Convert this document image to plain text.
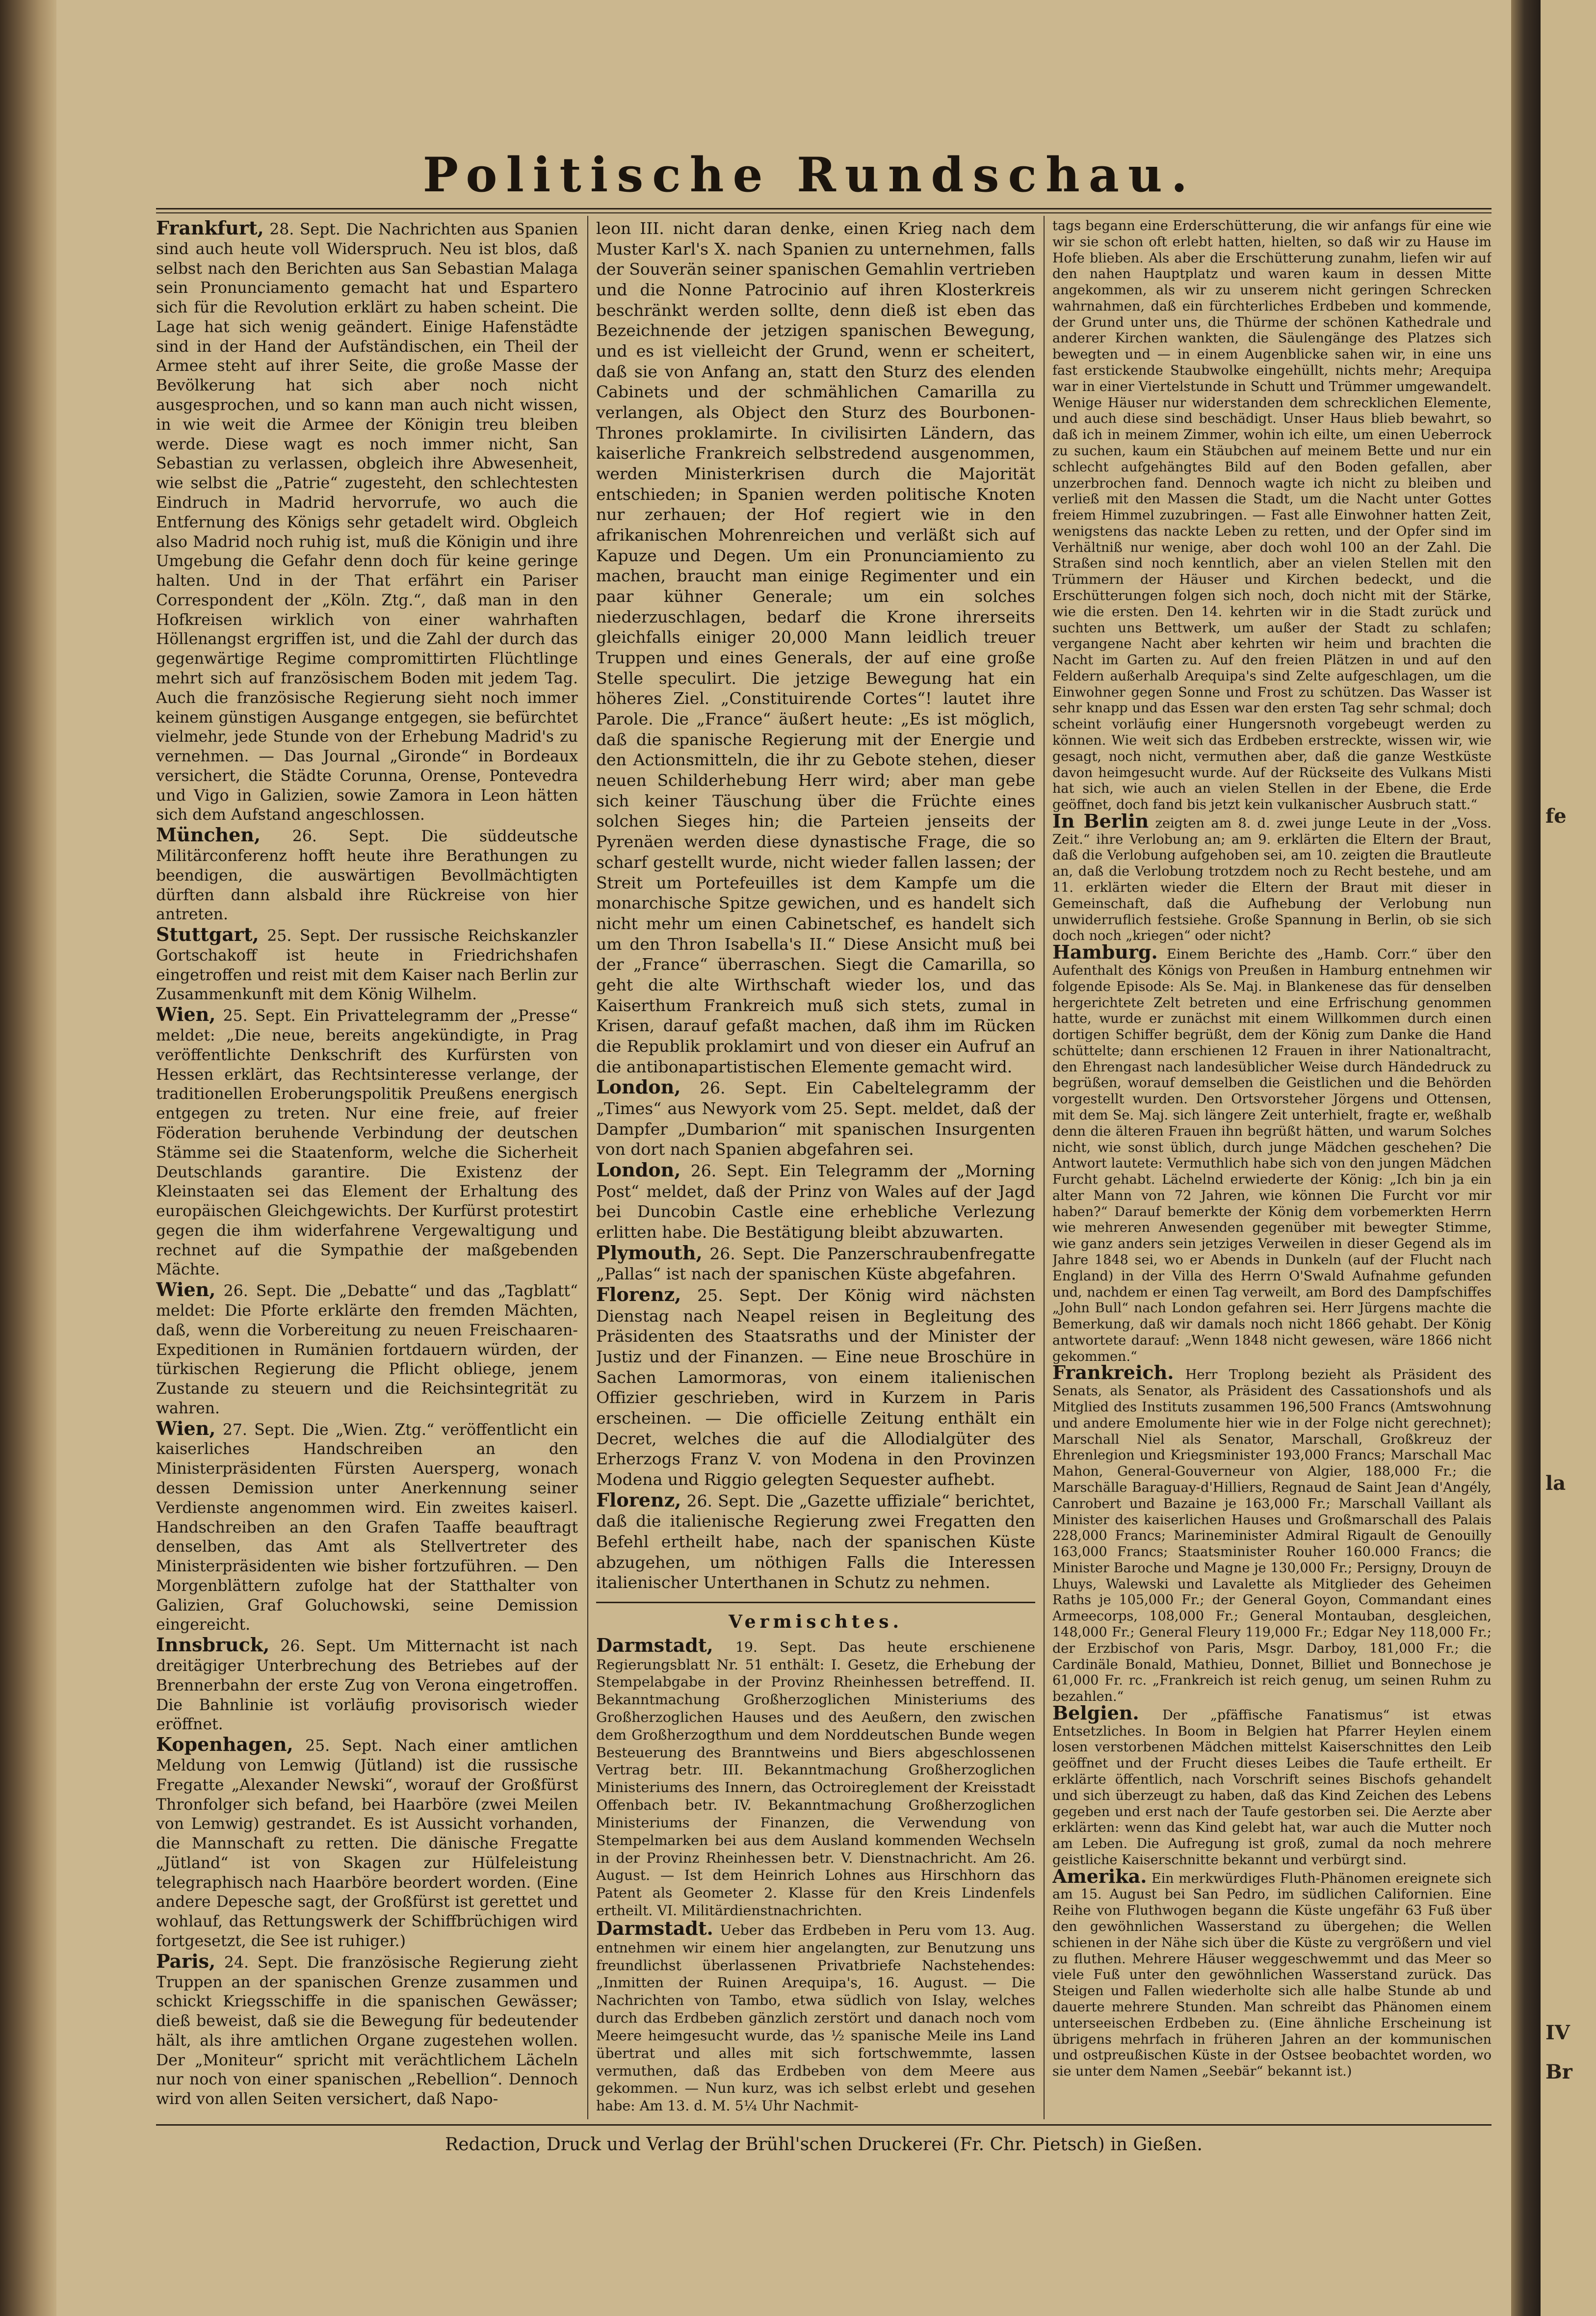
Politische Rundschau.

Frankfurt, 28. Sept. Die Nachrichten aus Spanien sind auch heute voll Widerspruch. Neu ist blos, daß selbst nach den Berichten aus San Sebastian Malaga sein Pronunciamento gemacht hat und Espartero sich für die Revolution erklärt zu haben scheint. Die Lage hat sich wenig geändert. Einige Hafenstädte sind in der Hand der Aufständischen, ein Theil der Armee steht auf ihrer Seite, die große Masse der Bevölkerung hat sich aber noch nicht ausgesprochen, und so kann man auch nicht wissen, in wie weit die Armee der Königin treu bleiben werde. Diese wagt es noch immer nicht, San Sebastian zu verlassen, obgleich ihre Abwesenheit, wie selbst die „Patrie“ zugesteht, den schlechtesten Eindruch in Madrid hervorrufe, wo auch die Entfernung des Königs sehr getadelt wird. Obgleich also Madrid noch ruhig ist, muß die Königin und ihre Umgebung die Gefahr denn doch für keine geringe halten. Und in der That erfährt ein Pariser Correspondent der „Köln. Ztg.“, daß man in den Hofkreisen wirklich von einer wahrhaften Höllenangst ergriffen ist, und die Zahl der durch das gegenwärtige Regime compromittirten Flüchtlinge mehrt sich auf französischem Boden mit jedem Tag. Auch die französische Regierung sieht noch immer keinem günstigen Ausgange entgegen, sie befürchtet vielmehr, jede Stunde von der Erhebung Madrid's zu vernehmen. — Das Journal „Gironde“ in Bordeaux versichert, die Städte Corunna, Orense, Pontevedra und Vigo in Galizien, sowie Zamora in Leon hätten sich dem Aufstand angeschlossen.

München, 26. Sept. Die süddeutsche Militärconferenz hofft heute ihre Berathungen zu beendigen, die auswärtigen Bevollmächtigten dürften dann alsbald ihre Rückreise von hier antreten.

Stuttgart, 25. Sept. Der russische Reichskanzler Gortschakoff ist heute in Friedrichshafen eingetroffen und reist mit dem Kaiser nach Berlin zur Zusammenkunft mit dem König Wilhelm.

Wien, 25. Sept. Ein Privattelegramm der „Presse“ meldet: „Die neue, bereits angekündigte, in Prag veröffentlichte Denkschrift des Kurfürsten von Hessen erklärt, das Rechtsinteresse verlange, der traditionellen Eroberungspolitik Preußens energisch entgegen zu treten. Nur eine freie, auf freier Föderation beruhende Verbindung der deutschen Stämme sei die Staatenform, welche die Sicherheit Deutschlands garantire. Die Existenz der Kleinstaaten sei das Element der Erhaltung des europäischen Gleichgewichts. Der Kurfürst protestirt gegen die ihm widerfahrene Vergewaltigung und rechnet auf die Sympathie der maßgebenden Mächte.

Wien, 26. Sept. Die „Debatte“ und das „Tagblatt“ meldet: Die Pforte erklärte den fremden Mächten, daß, wenn die Vorbereitung zu neuen Freischaaren-Expeditionen in Rumänien fortdauern würden, der türkischen Regierung die Pflicht obliege, jenem Zustande zu steuern und die Reichsintegrität zu wahren.

Wien, 27. Sept. Die „Wien. Ztg.“ veröffentlicht ein kaiserliches Handschreiben an den Ministerpräsidenten Fürsten Auersperg, wonach dessen Demission unter Anerkennung seiner Verdienste angenommen wird. Ein zweites kaiserl. Handschreiben an den Grafen Taaffe beauftragt denselben, das Amt als Stellvertreter des Ministerpräsidenten wie bisher fortzuführen. — Den Morgenblättern zufolge hat der Statthalter von Galizien, Graf Goluchowski, seine Demission eingereicht.

Innsbruck, 26. Sept. Um Mitternacht ist nach dreitägiger Unterbrechung des Betriebes auf der Brennerbahn der erste Zug von Verona eingetroffen. Die Bahnlinie ist vorläufig provisorisch wieder eröffnet.

Kopenhagen, 25. Sept. Nach einer amtlichen Meldung von Lemwig (Jütland) ist die russische Fregatte „Alexander Newski“, worauf der Großfürst Thronfolger sich befand, bei Haarböre (zwei Meilen von Lemwig) gestrandet. Es ist Aussicht vorhanden, die Mannschaft zu retten. Die dänische Fregatte „Jütland“ ist von Skagen zur Hülfeleistung telegraphisch nach Haarböre beordert worden. (Eine andere Depesche sagt, der Großfürst ist gerettet und wohlauf, das Rettungswerk der Schiffbrüchigen wird fortgesetzt, die See ist ruhiger.)

Paris, 24. Sept. Die französische Regierung zieht Truppen an der spanischen Grenze zusammen und schickt Kriegsschiffe in die spanischen Gewässer; dieß beweist, daß sie die Bewegung für bedeutender hält, als ihre amtlichen Organe zugestehen wollen. Der „Moniteur“ spricht mit verächtlichem Lächeln nur noch von einer spanischen „Rebellion“. Dennoch wird von allen Seiten versichert, daß Napo-

leon III. nicht daran denke, einen Krieg nach dem Muster Karl's X. nach Spanien zu unternehmen, falls der Souverän seiner spanischen Gemahlin vertrieben und die Nonne Patrocinio auf ihren Klosterkreis beschränkt werden sollte, denn dieß ist eben das Bezeichnende der jetzigen spanischen Bewegung, und es ist vielleicht der Grund, wenn er scheitert, daß sie von Anfang an, statt den Sturz des elenden Cabinets und der schmählichen Camarilla zu verlangen, als Object den Sturz des Bourbonen-Thrones proklamirte. In civilisirten Ländern, das kaiserliche Frankreich selbstredend ausgenommen, werden Ministerkrisen durch die Majorität entschieden; in Spanien werden politische Knoten nur zerhauen; der Hof regiert wie in den afrikanischen Mohrenreichen und verläßt sich auf Kapuze und Degen. Um ein Pronunciamiento zu machen, braucht man einige Regimenter und ein paar kühner Generale; um ein solches niederzuschlagen, bedarf die Krone ihrerseits gleichfalls einiger 20,000 Mann leidlich treuer Truppen und eines Generals, der auf eine große Stelle speculirt. Die jetzige Bewegung hat ein höheres Ziel. „Constituirende Cortes“! lautet ihre Parole. Die „France“ äußert heute: „Es ist möglich, daß die spanische Regierung mit der Energie und den Actionsmitteln, die ihr zu Gebote stehen, dieser neuen Schilderhebung Herr wird; aber man gebe sich keiner Täuschung über die Früchte eines solchen Sieges hin; die Parteien jenseits der Pyrenäen werden diese dynastische Frage, die so scharf gestellt wurde, nicht wieder fallen lassen; der Streit um Portefeuilles ist dem Kampfe um die monarchische Spitze gewichen, und es handelt sich nicht mehr um einen Cabinetschef, es handelt sich um den Thron Isabella's II.“ Diese Ansicht muß bei der „France“ überraschen. Siegt die Camarilla, so geht die alte Wirthschaft wieder los, und das Kaiserthum Frankreich muß sich stets, zumal in Krisen, darauf gefaßt machen, daß ihm im Rücken die Republik proklamirt und von dieser ein Aufruf an die antibonapartistischen Elemente gemacht wird.

London, 26. Sept. Ein Cabeltelegramm der „Times“ aus Newyork vom 25. Sept. meldet, daß der Dampfer „Dumbarion“ mit spanischen Insurgenten von dort nach Spanien abgefahren sei.

London, 26. Sept. Ein Telegramm der „Morning Post“ meldet, daß der Prinz von Wales auf der Jagd bei Duncobin Castle eine erhebliche Verlezung erlitten habe. Die Bestätigung bleibt abzuwarten.

Plymouth, 26. Sept. Die Panzerschraubenfregatte „Pallas“ ist nach der spanischen Küste abgefahren.

Florenz, 25. Sept. Der König wird nächsten Dienstag nach Neapel reisen in Begleitung des Präsidenten des Staatsraths und der Minister der Justiz und der Finanzen. — Eine neue Broschüre in Sachen Lamormoras, von einem italienischen Offizier geschrieben, wird in Kurzem in Paris erscheinen. — Die officielle Zeitung enthält ein Decret, welches die auf die Allodialgüter des Erherzogs Franz V. von Modena in den Provinzen Modena und Riggio gelegten Sequester aufhebt.

Florenz, 26. Sept. Die „Gazette uffiziale“ berichtet, daß die italienische Regierung zwei Fregatten den Befehl ertheilt habe, nach der spanischen Küste abzugehen, um nöthigen Falls die Interessen italienischer Unterthanen in Schutz zu nehmen.

Vermischtes.

Darmstadt, 19. Sept. Das heute erschienene Regierungsblatt Nr. 51 enthält: I. Gesetz, die Erhebung der Stempelabgabe in der Provinz Rheinhessen betreffend. II. Bekanntmachung Großherzoglichen Ministeriums des Großherzoglichen Hauses und des Aeußern, den zwischen dem Großherzogthum und dem Norddeutschen Bunde wegen Besteuerung des Branntweins und Biers abgeschlossenen Vertrag betr. III. Bekanntmachung Großherzoglichen Ministeriums des Innern, das Octroireglement der Kreisstadt Offenbach betr. IV. Bekanntmachung Großherzoglichen Ministeriums der Finanzen, die Verwendung von Stempelmarken bei aus dem Ausland kommenden Wechseln in der Provinz Rheinhessen betr. V. Dienstnachricht. Am 26. August. — Ist dem Heinrich Lohnes aus Hirschhorn das Patent als Geometer 2. Klasse für den Kreis Lindenfels ertheilt. VI. Militärdienstnachrichten.

Darmstadt. Ueber das Erdbeben in Peru vom 13. Aug. entnehmen wir einem hier angelangten, zur Benutzung uns freundlichst überlassenen Privatbriefe Nachstehendes: „Inmitten der Ruinen Arequipa's, 16. August. — Die Nachrichten von Tambo, etwa südlich von Islay, welches durch das Erdbeben gänzlich zerstört und danach noch vom Meere heimgesucht wurde, das ½ spanische Meile ins Land übertrat und alles mit sich fortschwemmte, lassen vermuthen, daß das Erdbeben von dem Meere aus gekommen. — Nun kurz, was ich selbst erlebt und gesehen habe: Am 13. d. M. 5¼ Uhr Nachmit-

tags begann eine Erderschütterung, die wir anfangs für eine wie wir sie schon oft erlebt hatten, hielten, so daß wir zu Hause im Hofe blieben. Als aber die Erschütterung zunahm, liefen wir auf den nahen Hauptplatz und waren kaum in dessen Mitte angekommen, als wir zu unserem nicht geringen Schrecken wahrnahmen, daß ein fürchterliches Erdbeben und kommende, der Grund unter uns, die Thürme der schönen Kathedrale und anderer Kirchen wankten, die Säulengänge des Platzes sich bewegten und — in einem Augenblicke sahen wir, in eine uns fast erstickende Staubwolke eingehüllt, nichts mehr; Arequipa war in einer Viertelstunde in Schutt und Trümmer umgewandelt. Wenige Häuser nur widerstanden dem schrecklichen Elemente, und auch diese sind beschädigt. Unser Haus blieb bewahrt, so daß ich in meinem Zimmer, wohin ich eilte, um einen Ueberrock zu suchen, kaum ein Stäubchen auf meinem Bette und nur ein schlecht aufgehängtes Bild auf den Boden gefallen, aber unzerbrochen fand. Dennoch wagte ich nicht zu bleiben und verließ mit den Massen die Stadt, um die Nacht unter Gottes freiem Himmel zuzubringen. — Fast alle Einwohner hatten Zeit, wenigstens das nackte Leben zu retten, und der Opfer sind im Verhältniß nur wenige, aber doch wohl 100 an der Zahl. Die Straßen sind noch kenntlich, aber an vielen Stellen mit den Trümmern der Häuser und Kirchen bedeckt, und die Erschütterungen folgen sich noch, doch nicht mit der Stärke, wie die ersten. Den 14. kehrten wir in die Stadt zurück und suchten uns Bettwerk, um außer der Stadt zu schlafen; vergangene Nacht aber kehrten wir heim und brachten die Nacht im Garten zu. Auf den freien Plätzen in und auf den Feldern außerhalb Arequipa's sind Zelte aufgeschlagen, um die Einwohner gegen Sonne und Frost zu schützen. Das Wasser ist sehr knapp und das Essen war den ersten Tag sehr schmal; doch scheint vorläufig einer Hungersnoth vorgebeugt werden zu können. Wie weit sich das Erdbeben erstreckte, wissen wir, wie gesagt, noch nicht, vermuthen aber, daß die ganze Westküste davon heimgesucht wurde. Auf der Rückseite des Vulkans Misti hat sich, wie auch an vielen Stellen in der Ebene, die Erde geöffnet, doch fand bis jetzt kein vulkanischer Ausbruch statt.“

In Berlin zeigten am 8. d. zwei junge Leute in der „Voss. Zeit.“ ihre Verlobung an; am 9. erklärten die Eltern der Braut, daß die Verlobung aufgehoben sei, am 10. zeigten die Brautleute an, daß die Verlobung trotzdem noch zu Recht bestehe, und am 11. erklärten wieder die Eltern der Braut mit dieser in Gemeinschaft, daß die Aufhebung der Verlobung nun unwiderruflich festsiehe. Große Spannung in Berlin, ob sie sich doch noch „kriegen“ oder nicht?

Hamburg. Einem Berichte des „Hamb. Corr.“ über den Aufenthalt des Königs von Preußen in Hamburg entnehmen wir folgende Episode: Als Se. Maj. in Blankenese das für denselben hergerichtete Zelt betreten und eine Erfrischung genommen hatte, wurde er zunächst mit einem Willkommen durch einen dortigen Schiffer begrüßt, dem der König zum Danke die Hand schüttelte; dann erschienen 12 Frauen in ihrer Nationaltracht, den Ehrengast nach landesüblicher Weise durch Händedruck zu begrüßen, worauf demselben die Geistlichen und die Behörden vorgestellt wurden. Den Ortsvorsteher Jörgens und Ottensen, mit dem Se. Maj. sich längere Zeit unterhielt, fragte er, weßhalb denn die älteren Frauen ihn begrüßt hätten, und warum Solches nicht, wie sonst üblich, durch junge Mädchen geschehen? Die Antwort lautete: Vermuthlich habe sich von den jungen Mädchen Furcht gehabt. Lächelnd erwiederte der König: „Ich bin ja ein alter Mann von 72 Jahren, wie können Die Furcht vor mir haben?“ Darauf bemerkte der König dem vorbemerkten Herrn wie mehreren Anwesenden gegenüber mit bewegter Stimme, wie ganz anders sein jetziges Verweilen in dieser Gegend als im Jahre 1848 sei, wo er Abends in Dunkeln (auf der Flucht nach England) in der Villa des Herrn O'Swald Aufnahme gefunden und, nachdem er einen Tag verweilt, am Bord des Dampfschiffes „John Bull“ nach London gefahren sei. Herr Jürgens machte die Bemerkung, daß wir damals noch nicht 1866 gehabt. Der König antwortete darauf: „Wenn 1848 nicht gewesen, wäre 1866 nicht gekommen.“

Frankreich. Herr Troplong bezieht als Präsident des Senats, als Senator, als Präsident des Cassationshofs und als Mitglied des Instituts zusammen 196,500 Francs (Amtswohnung und andere Emolumente hier wie in der Folge nicht gerechnet); Marschall Niel als Senator, Marschall, Großkreuz der Ehrenlegion und Kriegsminister 193,000 Francs; Marschall Mac Mahon, General-Gouverneur von Algier, 188,000 Fr.; die Marschälle Baraguay-d'Hilliers, Regnaud de Saint Jean d'Angély, Canrobert und Bazaine je 163,000 Fr.; Marschall Vaillant als Minister des kaiserlichen Hauses und Großmarschall des Palais 228,000 Francs; Marineminister Admiral Rigault de Genouilly 163,000 Francs; Staatsminister Rouher 160.000 Francs; die Minister Baroche und Magne je 130,000 Fr.; Persigny, Drouyn de Lhuys, Walewski und Lavalette als Mitglieder des Geheimen Raths je 105,000 Fr.; der General Goyon, Commandant eines Armeecorps, 108,000 Fr.; General Montauban, desgleichen, 148,000 Fr.; General Fleury 119,000 Fr.; Edgar Ney 118,000 Fr.; der Erzbischof von Paris, Msgr. Darboy, 181,000 Fr.; die Cardinäle Bonald, Mathieu, Donnet, Billiet und Bonnechose je 61,000 Fr. rc. „Frankreich ist reich genug, um seinen Ruhm zu bezahlen.“

Belgien. Der „pfäffische Fanatismus“ ist etwas Entsetzliches. In Boom in Belgien hat Pfarrer Heylen einem losen verstorbenen Mädchen mittelst Kaiserschnittes den Leib geöffnet und der Frucht dieses Leibes die Taufe ertheilt. Er erklärte öffentlich, nach Vorschrift seines Bischofs gehandelt und sich überzeugt zu haben, daß das Kind Zeichen des Lebens gegeben und erst nach der Taufe gestorben sei. Die Aerzte aber erklärten: wenn das Kind gelebt hat, war auch die Mutter noch am Leben. Die Aufregung ist groß, zumal da noch mehrere geistliche Kaiserschnitte bekannt und verbürgt sind.

Amerika. Ein merkwürdiges Fluth-Phänomen ereignete sich am 15. August bei San Pedro, im südlichen Californien. Eine Reihe von Fluthwogen begann die Küste ungefähr 63 Fuß über den gewöhnlichen Wasserstand zu übergehen; die Wellen schienen in der Nähe sich über die Küste zu vergrößern und viel zu fluthen. Mehrere Häuser weggeschwemmt und das Meer so viele Fuß unter den gewöhnlichen Wasserstand zurück. Das Steigen und Fallen wiederholte sich alle halbe Stunde ab und dauerte mehrere Stunden. Man schreibt das Phänomen einem unterseeischen Erdbeben zu. (Eine ähnliche Erscheinung ist übrigens mehrfach in früheren Jahren an der kommunischen und ostpreußischen Küste in der Ostsee beobachtet worden, wo sie unter dem Namen „Seebär“ bekannt ist.)

Redaction, Druck und Verlag der Brühl'schen Druckerei (Fr. Chr. Pietsch) in Gießen.
fe
la
IV
Br
